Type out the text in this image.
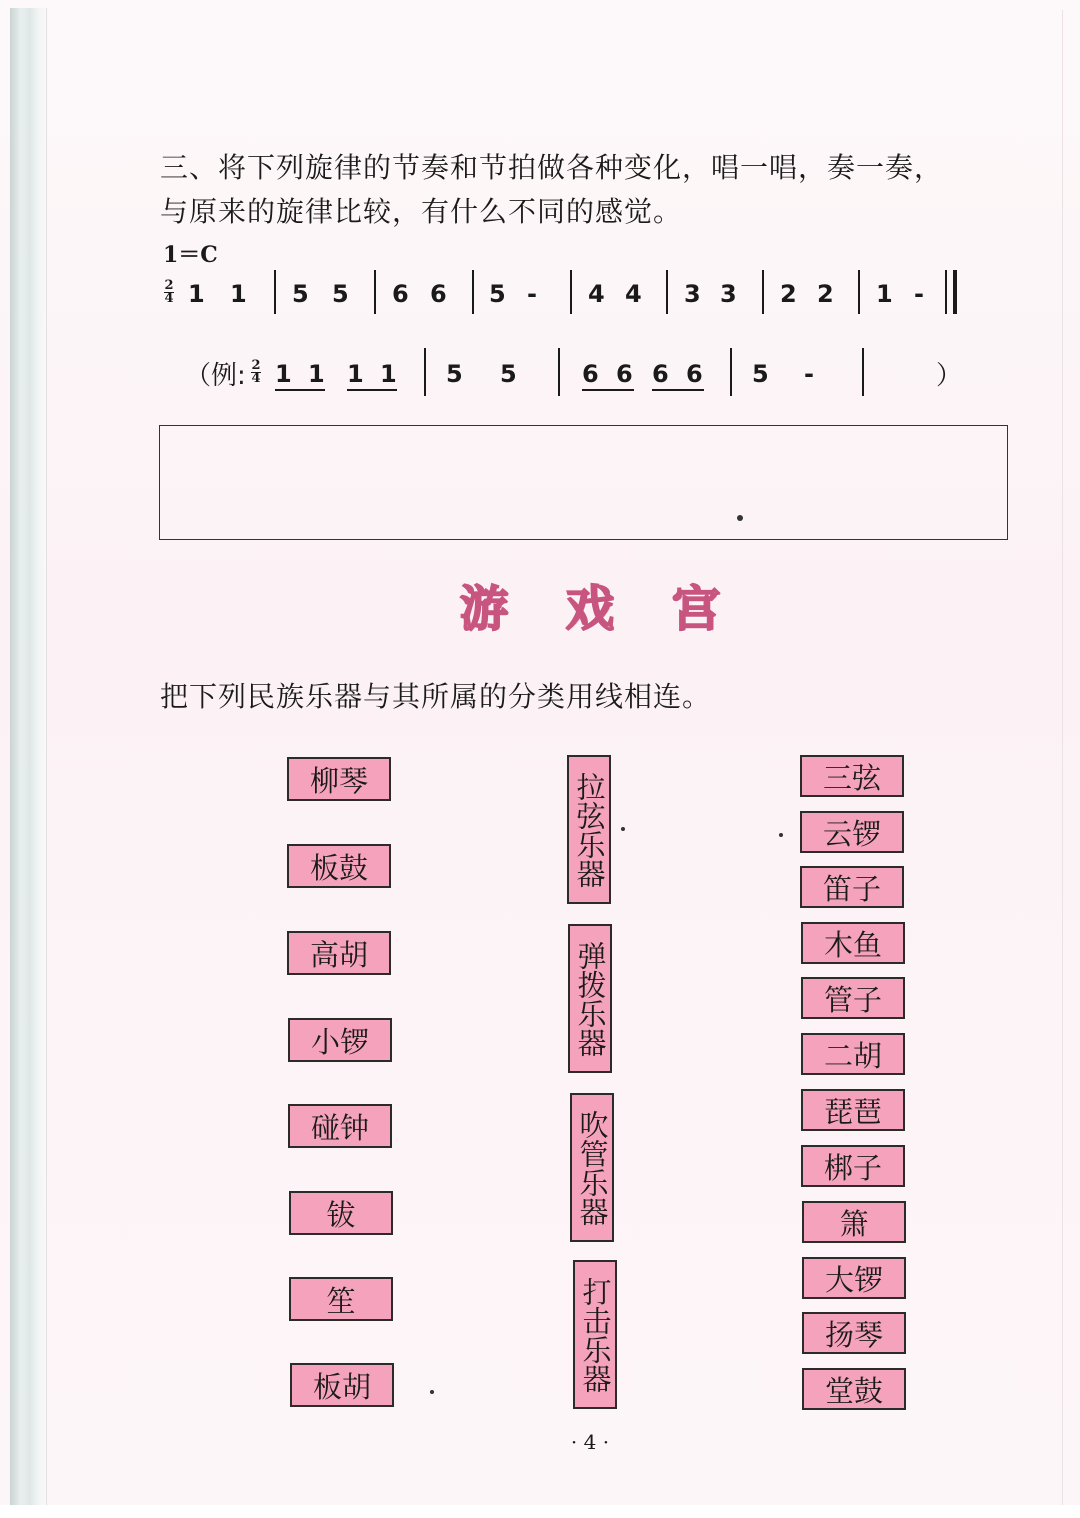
三、将下列旋律的节奏和节拍做各种变化，唱一唱，奏一奏，
与原来的旋律比较，有什么不同的感觉。
1＝C
2
4 1 1 5 5 6 6 5 - 4 4 3 3 2 2 1 -
（例: 2
4 1 1 1 1 5 5	6 6 6 6 5 -	）
游 戏 宫
把下列民族乐器与其所属的分类用线相连。
柳琴
板鼓
高胡
小锣
碰钟
钹
笙
板胡
拉弦乐器
弹拨乐器
吹管乐器
打击乐器
三弦
云锣
笛子
木鱼
管子
二胡
琵琶
梆子
箫
大锣
扬琴
堂鼓
· 4 ·
